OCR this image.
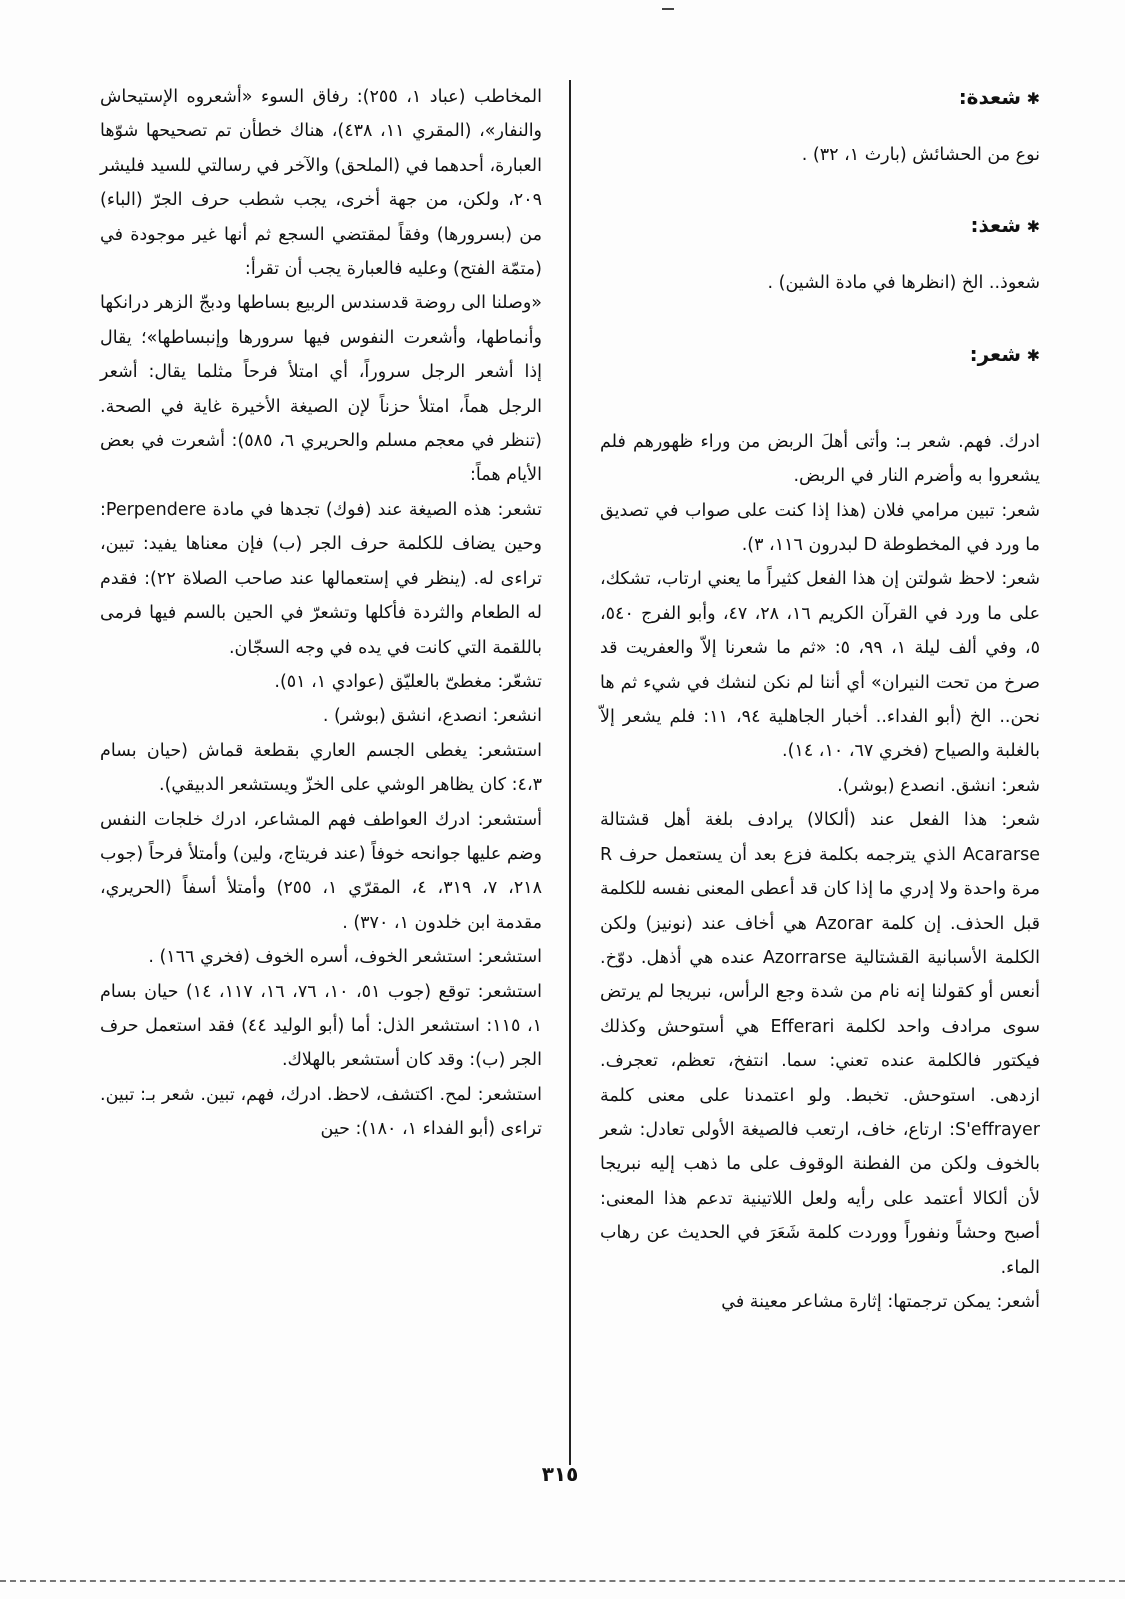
✱ شعدة:

نوع من الحشائش (بارث ١، ٣٢) .

✱ شعذ:

شعوذ.. الخ (انظرها في مادة الشين) .

✱ شعر:

ادرك. فهم. شعر بـ: وأتى أهلَ الربض من وراء ظهورهم فلم يشعروا به وأضرم النار في الربض.

شعر: تبين مرامي فلان (هذا إذا كنت على صواب في تصديق ما ورد في المخطوطة D لبدرون ١١٦، ٣).

شعر: لاحظ شولتن إن هذا الفعل كثيراً ما يعني ارتاب، تشكك، على ما ورد في القرآن الكريم ١٦، ٢٨، ٤٧، وأبو الفرج ٥٤٠، ٥، وفي ألف ليلة ١، ٩٩، ٥: «ثم ما شعرنا إلاّ والعفريت قد صرخ من تحت النيران» أي أننا لم نكن لنشك في شيء ثم ها نحن.. الخ (أبو الفداء.. أخبار الجاهلية ٩٤، ١١: فلم يشعر إلاّ بالغلبة والصياح (فخري ٦٧، ١٠، ١٤).

شعر: انشق. انصدع (بوشر).

شعر: هذا الفعل عند (ألكالا) يرادف بلغة أهل قشتالة Acararse الذي يترجمه بكلمة فزع بعد أن يستعمل حرف R مرة واحدة ولا إدري ما إذا كان قد أعطى المعنى نفسه للكلمة قبل الحذف. إن كلمة Azorar هي أخاف عند (نونيز) ولكن الكلمة الأسبانية القشتالية Azorrarse عنده هي أذهل. دوّخ. أنعس أو كقولنا إنه نام من شدة وجع الرأس، نبريجا لم يرتض سوى مرادف واحد لكلمة Efferari هي أستوحش وكذلك فيكتور فالكلمة عنده تعني: سما. انتفخ، تعظم، تعجرف. ازدهى. استوحش. تخبط. ولو اعتمدنا على معنى كلمة S'effrayer: ارتاع، خاف، ارتعب فالصيغة الأولى تعادل: شعر بالخوف ولكن من الفطنة الوقوف على ما ذهب إليه نبريجا لأن ألكالا أعتمد على رأيه ولعل اللاتينية تدعم هذا المعنى: أصبح وحشاً ونفوراً ووردت كلمة شَعَرَ في الحديث عن رهاب الماء.

أشعر: يمكن ترجمتها: إثارة مشاعر معينة في

المخاطب (عباد ١، ٢٥٥): رفاق السوء «أشعروه الإستيحاش والنفار»، (المقري ١١، ٤٣٨)، هناك خطأن تم تصحيحها شوّها العبارة، أحدهما في (الملحق) والآخر في رسالتي للسيد فليشر ٢٠٩، ولكن، من جهة أخرى، يجب شطب حرف الجرّ (الباء) من (بسرورها) وفقاً لمقتضي السجع ثم أنها غير موجودة في (متمّة الفتح) وعليه فالعبارة يجب أن تقرأ:

«وصلنا الى روضة قدسندس الربيع بساطها ودبجّ الزهر درانكها وأنماطها، وأشعرت النفوس فيها سرورها وإنبساطها»؛ يقال إذا أشعر الرجل سروراً، أي امتلأ فرحاً مثلما يقال: أشعر الرجل هماً، امتلأ حزناً لإن الصيغة الأخيرة غاية في الصحة. (تنظر في معجم مسلم والحريري ٦، ٥٨٥): أشعرت في بعض الأيام هماً:

تشعر: هذه الصيغة عند (فوك) تجدها في مادة Perpendere: وحين يضاف للكلمة حرف الجر (ب) فإن معناها يفيد: تبين، تراءى له. (ينظر في إستعمالها عند صاحب الصلاة ٢٢): فقدم له الطعام والثردة فأكلها وتشعرّ في الحين بالسم فيها فرمى باللقمة التي كانت في يده في وجه السجّان.

تشعّر: مغطىّ بالعليّق (عوادي ١، ٥١).

انشعر: انصدع، انشق (بوشر) .

استشعر: يغطى الجسم العاري بقطعة قماش (حيان بسام ٤،٣: كان يظاهر الوشي على الخزّ ويستشعر الدبيقي).

أستشعر: ادرك العواطف فهم المشاعر، ادرك خلجات النفس وضم عليها جوانحه خوفاً (عند فريتاج، ولين) وأمتلأ فرحاً (جوب ٢١٨، ٧، ٣١٩، ٤، المقرّي ١، ٢٥٥) وأمتلأ أسفاً (الحريري، مقدمة ابن خلدون ١، ٣٧٠) .

استشعر: استشعر الخوف، أسره الخوف (فخري ١٦٦) .

استشعر: توقع (جوب ٥١، ١٠، ٧٦، ١٦، ١١٧، ١٤) حيان بسام ١، ١١٥: استشعر الذل: أما (أبو الوليد ٤٤) فقد استعمل حرف الجر (ب): وقد كان أستشعر بالهلاك.

استشعر: لمح. اكتشف، لاحظ. ادرك، فهم، تبين. شعر بـ: تبين. تراءى (أبو الفداء ١، ١٨٠): حين

٣١٥
